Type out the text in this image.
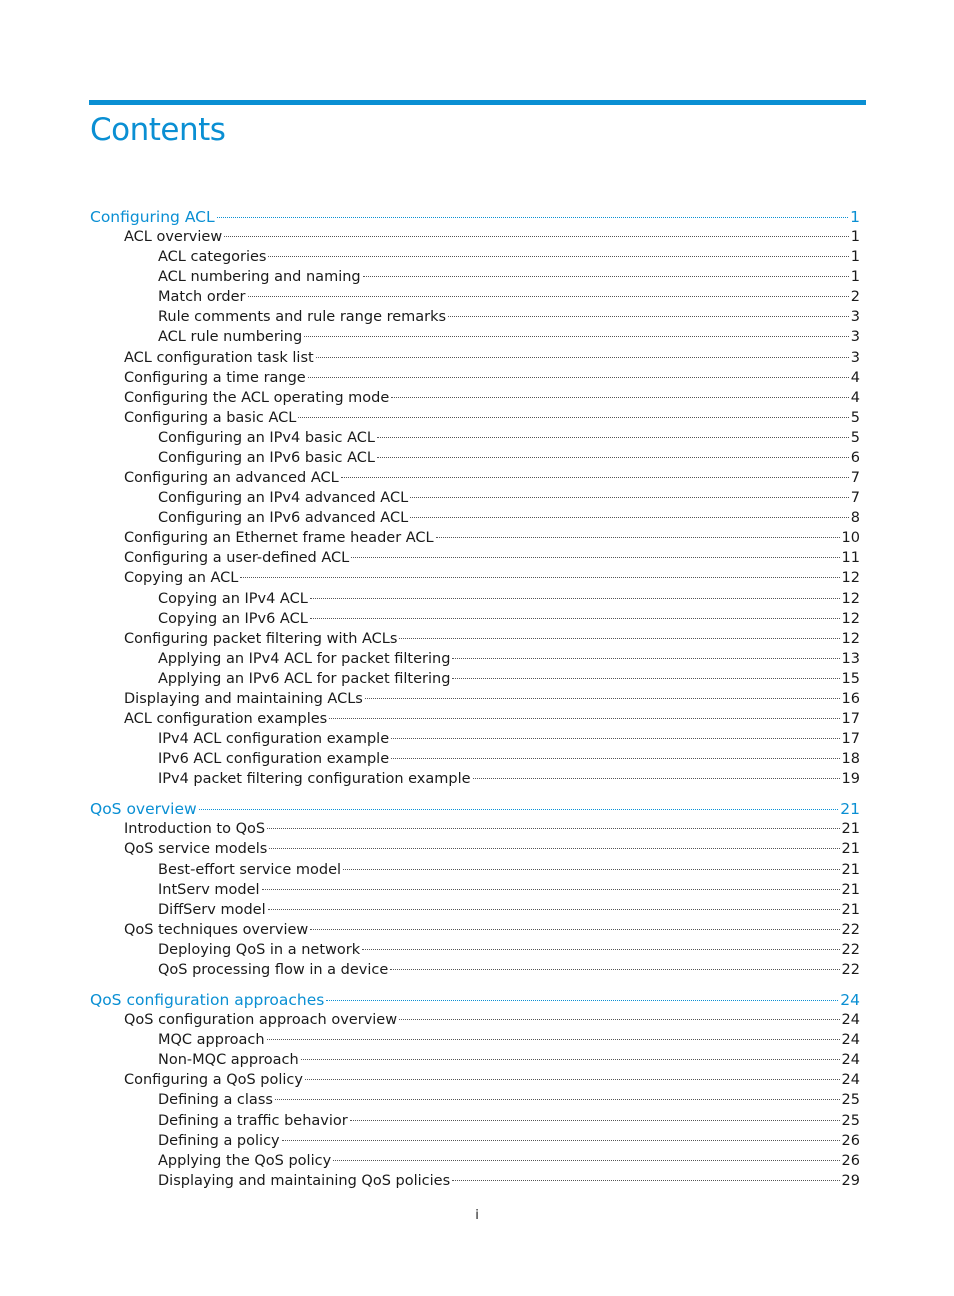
Contents
Configuring ACL	1
ACL overview	1
ACL categories	1
ACL numbering and naming	1
Match order	2
Rule comments and rule range remarks	3
ACL rule numbering	3
ACL configuration task list	3
Configuring a time range	4
Configuring the ACL operating mode	4
Configuring a basic ACL	5
Configuring an IPv4 basic ACL	5
Configuring an IPv6 basic ACL	6
Configuring an advanced ACL	7
Configuring an IPv4 advanced ACL	7
Configuring an IPv6 advanced ACL	8
Configuring an Ethernet frame header ACL	10
Configuring a user-defined ACL	11
Copying an ACL	12
Copying an IPv4 ACL	12
Copying an IPv6 ACL	12
Configuring packet filtering with ACLs	12
Applying an IPv4 ACL for packet filtering	13
Applying an IPv6 ACL for packet filtering	15
Displaying and maintaining ACLs	16
ACL configuration examples	17
IPv4 ACL configuration example	17
IPv6 ACL configuration example	18
IPv4 packet filtering configuration example	19
QoS overview	21
Introduction to QoS	21
QoS service models	21
Best-effort service model	21
IntServ model	21
DiffServ model	21
QoS techniques overview	22
Deploying QoS in a network	22
QoS processing flow in a device	22
QoS configuration approaches	24
QoS configuration approach overview	24
MQC approach	24
Non-MQC approach	24
Configuring a QoS policy	24
Defining a class	25
Defining a traffic behavior	25
Defining a policy	26
Applying the QoS policy	26
Displaying and maintaining QoS policies	29
i
